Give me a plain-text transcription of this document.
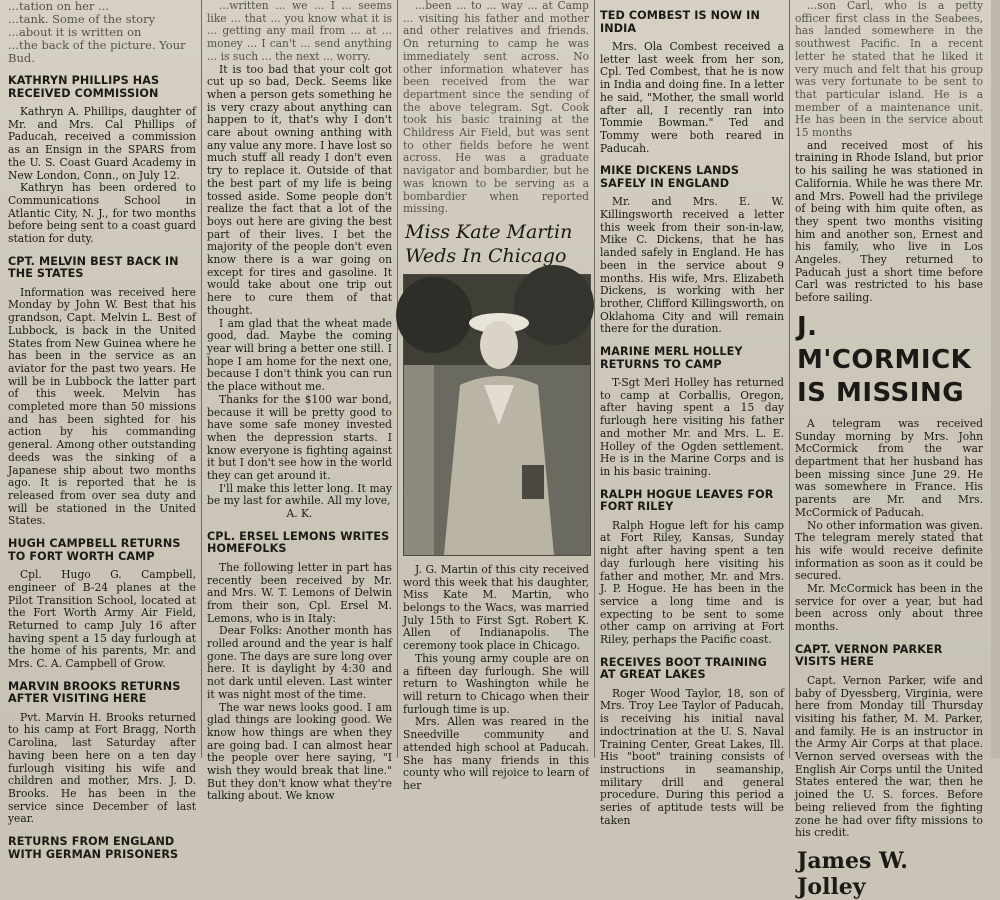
...tation on her ...
...tank. Some of the story
...about it is written on
...the back of the picture. Your
Bud.
KATHRYN PHILLIPS HAS RECEIVED COMMISSION

Kathryn A. Phillips, daughter of Mr. and Mrs. Cal Phillips of Paducah, received a commission as an Ensign in the SPARS from the U. S. Coast Guard Academy in New London, Conn., on July 12.

Kathryn has been ordered to Communications School in Atlantic City, N. J., for two months before being sent to a coast guard station for duty.

CPT. MELVIN BEST BACK IN THE STATES

Information was received here Monday by John W. Best that his grandson, Capt. Melvin L. Best of Lubbock, is back in the United States from New Guinea where he has been in the service as an aviator for the past two years. He will be in Lubbock the latter part of this week. Melvin has completed more than 50 missions and has been sighted for his action by his commanding general. Among other outstanding deeds was the sinking of a Japanese ship about two months ago. It is reported that he is released from over sea duty and will be stationed in the United States.

HUGH CAMPBELL RETURNS TO FORT WORTH CAMP

Cpl. Hugo G. Campbell, engineer of B-24 planes at the Pilot Transition School, located at the Fort Worth Army Air Field, Returned to camp July 16 after having spent a 15 day furlough at the home of his parents, Mr. and Mrs. C. A. Campbell of Grow.

MARVIN BROOKS RETURNS AFTER VISITING HERE

Pvt. Marvin H. Brooks returned to his camp at Fort Bragg, North Carolina, last Saturday after having been here on a ten day furlough visiting his wife and children and mother, Mrs. J. D. Brooks. He has been in the service since December of last year.

RETURNS FROM ENGLAND WITH GERMAN PRISONERS

...written ... we ... I ... seems like ... that ... you know what it is ... getting any mail from ... at ... money ... I can't ... send anything ... is such ... the next ... worry.

It is too bad that your colt got cut up so bad, Deck. Seems like when a person gets something he is very crazy about anything can happen to it, that's why I don't care about owning anthing with any value any more. I have lost so much stuff all ready I don't even try to replace it. Outside of that the best part of my life is being tossed aside. Some people don't realize the fact that a lot of the boys out here are giving the best part of their lives. I bet the majority of the people don't even know there is a war going on except for tires and gasoline. It would take about one trip out here to cure them of that thought.

I am glad that the wheat made good, dad. Maybe the coming year will bring a better one still. I hope I am home for the next one, because I don't think you can run the place without me.

Thanks for the $100 war bond, because it will be pretty good to have some safe money invested when the depression starts. I know everyone is fighting against it but I don't see how in the world they can get around it.

I'll make this letter long. It may be my last for awhile. All my love,

A. K.

CPL. ERSEL LEMONS WRITES HOMEFOLKS

The following letter in part has recently been received by Mr. and Mrs. W. T. Lemons of Delwin from their son, Cpl. Ersel M. Lemons, who is in Italy:

Dear Folks: Another month has rolled around and the year is half gone. The days are sure long over here. It is daylight by 4:30 and not dark until eleven. Last winter it was night most of the time.

The war news looks good. I am glad things are looking good. We know how things are when they are going bad. I can almost hear the people over here saying, "I wish they would break that line." But they don't know what they're talking about. We know

...been ... to ... way ... at Camp ... visiting his father and mother and other relatives and friends. On returning to camp he was immediately sent across. No other information whatever has been received from the war department since the sending of the above telegram. Sgt. Cook took his basic training at the Childress Air Field, but was sent to other fields before he went across. He was a graduate navigator and bombardier, but he was known to be serving as a bombardier when reported missing.

Miss Kate Martin Weds In Chicago

J. G. Martin of this city received word this week that his daughter, Miss Kate M. Martin, who belongs to the Wacs, was married July 15th to First Sgt. Robert K. Allen of Indianapolis. The ceremony took place in Chicago.

This young army couple are on a fifteen day furlough. She will return to Washington while he will return to Chicago when their furlough time is up.

Mrs. Allen was reared in the Sneedville community and attended high school at Paducah. She has many friends in this county who will rejoice to learn of her

TED COMBEST IS NOW IN INDIA

Mrs. Ola Combest received a letter last week from her son, Cpl. Ted Combest, that he is now in India and doing fine. In a letter he said, "Mother, the small world after all, I recently ran into Tommie Bowman." Ted and Tommy were both reared in Paducah.

MIKE DICKENS LANDS SAFELY IN ENGLAND

Mr. and Mrs. E. W. Killingsworth received a letter this week from their son-in-law, Mike C. Dickens, that he has landed safely in England. He has been in the service about 9 months. His wife, Mrs. Elizabeth Dickens, is working with her brother, Clifford Killingsworth, on Oklahoma City and will remain there for the duration.

MARINE MERL HOLLEY RETURNS TO CAMP

T-Sgt Merl Holley has returned to camp at Corballis, Oregon, after having spent a 15 day furlough here visiting his father and mother Mr. and Mrs. L. E. Holley of the Ogden settlement. He is in the Marine Corps and is in his basic training.

RALPH HOGUE LEAVES FOR FORT RILEY

Ralph Hogue left for his camp at Fort Riley, Kansas, Sunday night after having spent a ten day furlough here visiting his father and mother, Mr. and Mrs. J. P. Hogue. He has been in the service a long time and is expecting to be sent to some other camp on arriving at Fort Riley, perhaps the Pacific coast.

RECEIVES BOOT TRAINING AT GREAT LAKES

Roger Wood Taylor, 18, son of Mrs. Troy Lee Taylor of Paducah, is receiving his initial naval indoctrination at the U. S. Naval Training Center, Great Lakes, Ill. His "boot" training consists of instructions in seamanship, military drill and general procedure. During this period a series of aptitude tests will be taken

...son Carl, who is a petty officer first class in the Seabees, has landed somewhere in the southwest Pacific. In a recent letter he stated that he liked it very much and felt that his group was very fortunate to be sent to that particular island. He is a member of a maintenance unit. He has been in the service about 15 months

and received most of his training in Rhode Island, but prior to his sailing he was stationed in California. While he was there Mr. and Mrs. Powell had the privilege of being with him quite often, as they spent two months visiting him and another son, Ernest and his family, who live in Los Angeles. They returned to Paducah just a short time before Carl was restricted to his base before sailing.

J. M'CORMICK IS MISSING

A telegram was received Sunday morning by Mrs. John McCormick from the war department that her husband has been missing since June 29. He was somewhere in France. His parents are Mr. and Mrs. McCormick of Paducah.

No other information was given. The telegram merely stated that his wife would receive definite information as soon as it could be secured.

Mr. McCormick has been in the service for over a year, but had been across only about three months.

CAPT. VERNON PARKER VISITS HERE

Capt. Vernon Parker, wife and baby of Dyessberg, Virginia, were here from Monday till Thursday visiting his father, M. M. Parker, and family. He is an instructor in the Army Air Corps at that place. Vernon served overseas with the English Air Corps until the United States entered the war, then he joined the U. S. forces. Before being relieved from the fighting zone he had over fifty missions to his credit.

James W. Jolley
